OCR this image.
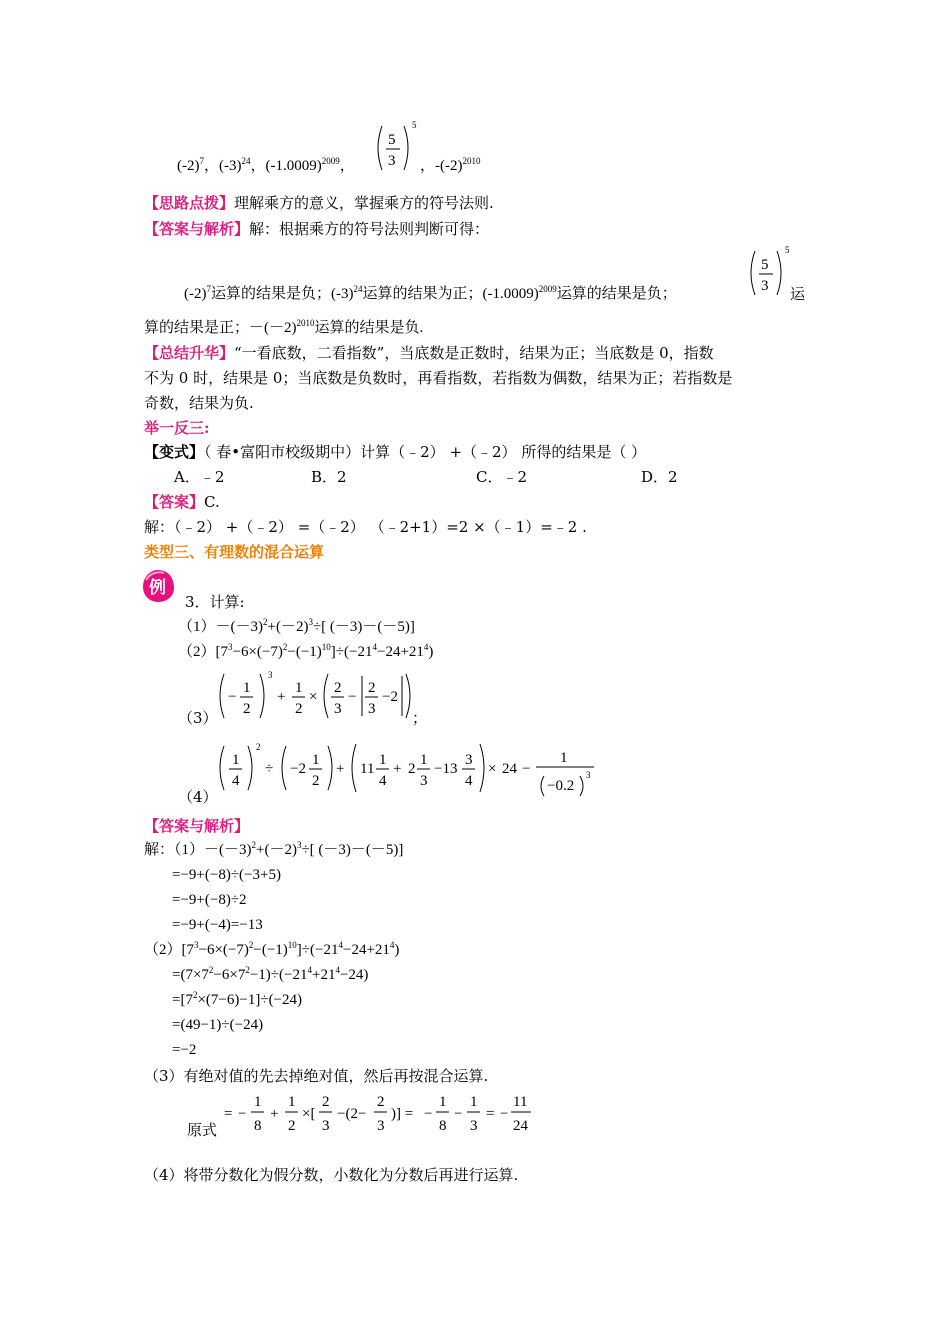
$(-2)^7$，$(-3)^{24}$，$(-1.0009)^{2009}$，
5
3
5
，$-(-2)^{2010}$
【思路点拨】理解乘方的意义，掌握乘方的符号法则.
【答案与解析】解：根据乘方的符号法则判断可得：
$(-2)^7$运算的结果是负；$(-3)^{24}$运算的结果为正；$(-1.0009)^{2009}$运算的结果是负；
5
3
5
运
算的结果是正；$-(-2)^{2010}$运算的结果是负.
【总结升华】“一看底数，二看指数”，当底数是正数时，结果为正；当底数是 0，指数
不为 0 时，结果是 0；当底数是负数时，再看指数，若指数为偶数，结果为正；若指数是
奇数，结果为负.
举一反三:
【变式】（ 春•富阳市校级期中）计算（﹣2） +（﹣2） 所得的结果是（ ）
A．﹣2	B．2	C．﹣2	D．2
【答案】C.
解：（﹣2） +（﹣2） =（﹣2） （﹣2+1）=2 ×（﹣1）=﹣2 .
类型三、有理数的混合运算
例
3．计算:
$(1)-(-3)^2+(-2)^3\div$[ (－3)－(－5)]
$(2)[7^3-6\times(-7)^2-(-1)^{10}]\div(-21^4-24+21^4)$
（3）
−
1
2
3
+
1
2
×
2
3
−
2
3
−2
；
1
4
2
÷ −2
1
2
+ 11
1
4
+ 2
1
3
−13
3
4
× 24 −
1
−0.2
3
（4）
【答案与解析】
解：$(1)-(-3)^2+(-2)^3\div$[ (－3)－(－5)]
=−9+(−8)÷(−3+5)
=−9+(−8)÷2
=−9+(−4)=−13
$(2)[7^3-6\times(-7)^2-(-1)^{10}]\div(-21^4-24+21^4)$
$=(7\times 7^2-6\times 7^2-1)\div(-21^4+21^4-24)$
$=[7^2\times(7-6)-1]\div(-24)$
=(49−1)÷(−24)
=−2
（3）有绝对值的先去掉绝对值，然后再按混合运算.
原式
= −
1
8
+
1
2
×[
2
3
−(2−
2
3
)] = −
1
8
−
1
3
= −
11
24
（4）将带分数化为假分数，小数化为分数后再进行运算.
